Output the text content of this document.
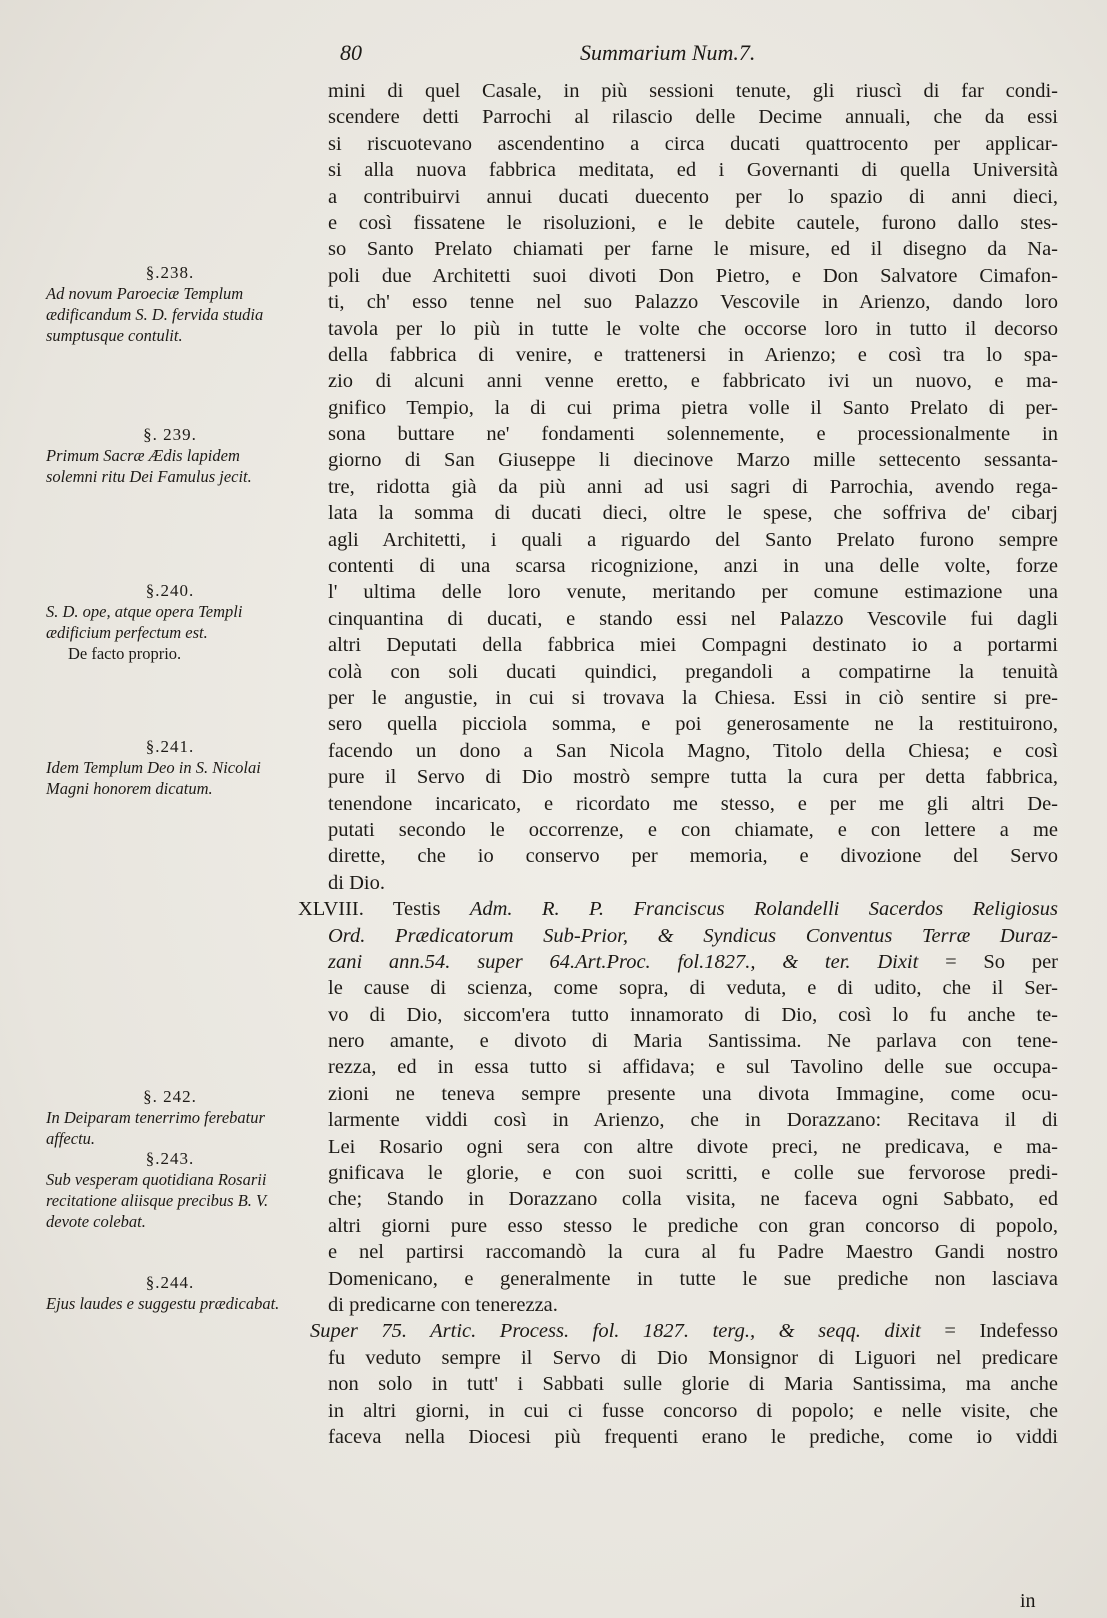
80	Summarium Num.7.
§.238.
Ad novum Paroeciæ Templum ædificandum S. D. fervida studia sumptusque contulit.
§. 239.
Primum Sacræ Ædis lapidem solemni ritu Dei Famulus jecit.
§.240.
S. D. ope, atque opera Templi ædificium perfectum est.
De facto proprio.
§.241.
Idem Templum Deo in S. Nicolai Magni honorem dicatum.
§. 242.
In Deiparam tenerrimo ferebatur affectu.
§.243.
Sub vesperam quotidiana Rosarii recitatione aliisque precibus B. V. devote colebat.
§.244.
Ejus laudes e suggestu prædicabat.
mini di quel Casale, in più sessioni tenute, gli riuscì di far condi-
scendere detti Parrochi al rilascio delle Decime annuali, che da essi
si riscuotevano ascendentino a circa ducati quattrocento per applicar-
si alla nuova fabbrica meditata, ed i Governanti di quella Università
a contribuirvi annui ducati duecento per lo spazio di anni dieci,
e così fissatene le risoluzioni, e le debite cautele, furono dallo stes-
so Santo Prelato chiamati per farne le misure, ed il disegno da Na-
poli due Architetti suoi divoti Don Pietro, e Don Salvatore Cimafon-
ti, ch' esso tenne nel suo Palazzo Vescovile in Arienzo, dando loro
tavola per lo più in tutte le volte che occorse loro in tutto il decorso
della fabbrica di venire, e trattenersi in Arienzo; e così tra lo spa-
zio di alcuni anni venne eretto, e fabbricato ivi un nuovo, e ma-
gnifico Tempio, la di cui prima pietra volle il Santo Prelato di per-
sona buttare ne' fondamenti solennemente, e processionalmente in
giorno di San Giuseppe li diecinove Marzo mille settecento sessanta-
tre, ridotta già da più anni ad usi sagri di Parrochia, avendo rega-
lata la somma di ducati dieci, oltre le spese, che soffriva de' cibarj
agli Architetti, i quali a riguardo del Santo Prelato furono sempre
contenti di una scarsa ricognizione, anzi in una delle volte, forze
l' ultima delle loro venute, meritando per comune estimazione una
cinquantina di ducati, e stando essi nel Palazzo Vescovile fui dagli
altri Deputati della fabbrica miei Compagni destinato io a portarmi
colà con soli ducati quindici, pregandoli a compatirne la tenuità
per le angustie, in cui si trovava la Chiesa. Essi in ciò sentire si pre-
sero quella picciola somma, e poi generosamente ne la restituirono,
facendo un dono a San Nicola Magno, Titolo della Chiesa; e così
pure il Servo di Dio mostrò sempre tutta la cura per detta fabbrica,
tenendone incaricato, e ricordato me stesso, e per me gli altri De-
putati secondo le occorrenze, e con chiamate, e con lettere a me
dirette, che io conservo per memoria, e divozione del Servo
di Dio.
XLVIII. Testis Adm. R. P. Franciscus Rolandelli Sacerdos Religiosus
Ord. Prædicatorum Sub-Prior, & Syndicus Conventus Terræ Duraz-
zani ann.54. super 64.Art.Proc. fol.1827., & ter. Dixit = So per
le cause di scienza, come sopra, di veduta, e di udito, che il Ser-
vo di Dio, siccom'era tutto innamorato di Dio, così lo fu anche te-
nero amante, e divoto di Maria Santissima. Ne parlava con tene-
rezza, ed in essa tutto si affidava; e sul Tavolino delle sue occupa-
zioni ne teneva sempre presente una divota Immagine, come ocu-
larmente viddi così in Arienzo, che in Dorazzano: Recitava il di
Lei Rosario ogni sera con altre divote preci, ne predicava, e ma-
gnificava le glorie, e con suoi scritti, e colle sue fervorose predi-
che; Stando in Dorazzano colla visita, ne faceva ogni Sabbato, ed
altri giorni pure esso stesso le prediche con gran concorso di popolo,
e nel partirsi raccomandò la cura al fu Padre Maestro Gandi nostro
Domenicano, e generalmente in tutte le sue prediche non lasciava
di predicarne con tenerezza.
Super 75. Artic. Process. fol. 1827. terg., & seqq. dixit = Indefesso
fu veduto sempre il Servo di Dio Monsignor di Liguori nel predicare
non solo in tutt' i Sabbati sulle glorie di Maria Santissima, ma anche
in altri giorni, in cui ci fusse concorso di popolo; e nelle visite, che
faceva nella Diocesi più frequenti erano le prediche, come io viddi
in
